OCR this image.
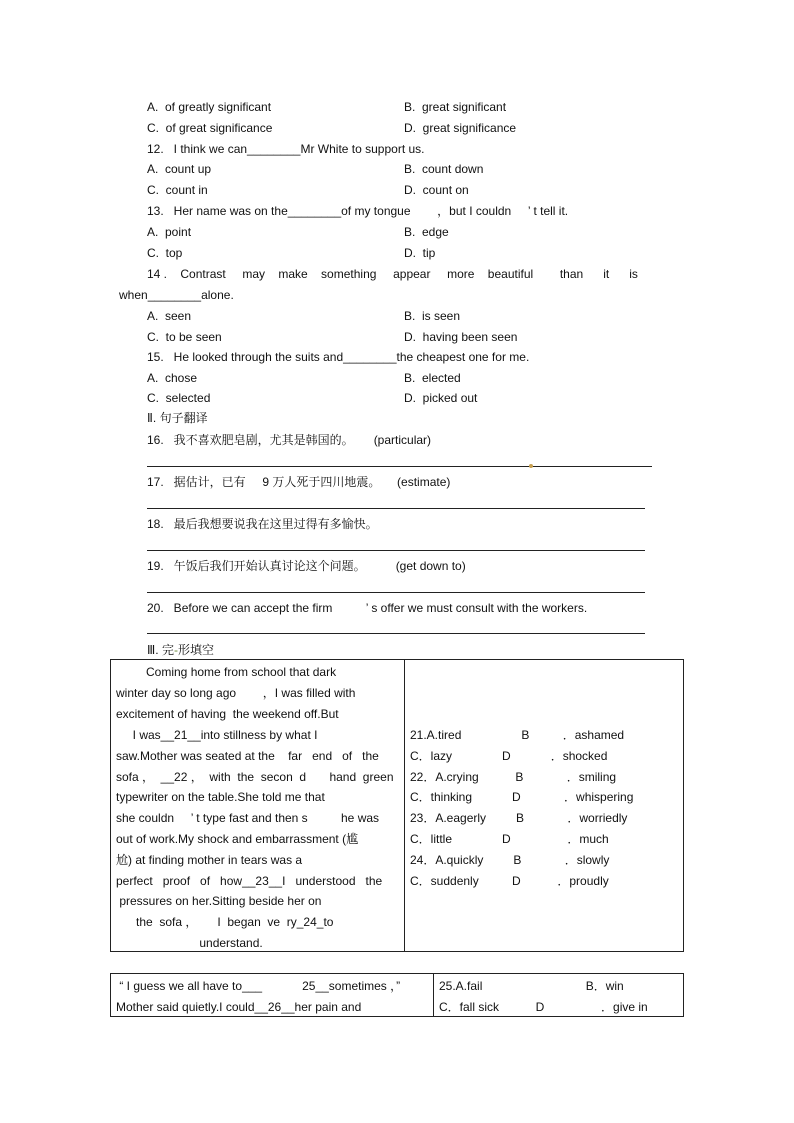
A.  of greatly significant	B.  great significant
C.  of great significance	D.  great significance
12.   I think we can________Mr White to support us.
A.  count up	B.  count down
C.  count in	D.  count on
13.   Her name was on the________of my tongue        ，but I couldn     ’ t tell it.
A.  point	B.  edge
C.  top	D.  tip
14 .    Contrast     may    make    something     appear     more    beautiful        than      it      is
when________alone.
A.  seen	B.  is seen
C.  to be seen	D.  having been seen
15.   He looked through the suits and________the cheapest one for me.
A.  chose	B.  elected
C.  selected	D.  picked out
Ⅱ. 句子翻译
16.   我不喜欢肥皂剧，尤其是韩国的。      (particular)
17.   据估计，已有     9 万人死于四川地震。     (estimate)
18.   最后我想要说我在这里过得有多愉快。
19.   午饭后我们开始认真讨论这个问题。         (get down to)
20.   Before we can accept the firm          ’ s offer we must consult with the workers.
Ⅲ. 完-形填空
Coming home from school that dark
winter day so long ago        ，I was filled with
excitement of having  the weekend off.But
I was__21__into stillness by what I
saw.Mother was seated at the    far   end   of   the
sofa ，  __22 ，  with  the  secon  d       hand  green
typewriter on the table.She told me that
she couldn     ’ t type fast and then s          he was
out of work.My shock and embarrassment (尴
尬) at finding mother in tears was a
perfect   proof   of   how__23__I   understood   the
pressures on her.Sitting beside her on
the  sofa ，      I  began  ve  ry_24_to
understand.
21.A.tired                  B          ．ashamed
C．lazy               D            ．shocked
22．A.crying           B             ．smiling
C．thinking            D             ．whispering
23．A.eagerly         B             ．worriedly
C．little               D                 ．much
24．A.quickly         B             ．slowly
C．suddenly          D           ．proudly
“ I guess we all have to___            25__sometimes ，”
Mother said quietly.I could__26__her pain and
25.A.fail                               B．win
C．fall sick           D                 ．give in
